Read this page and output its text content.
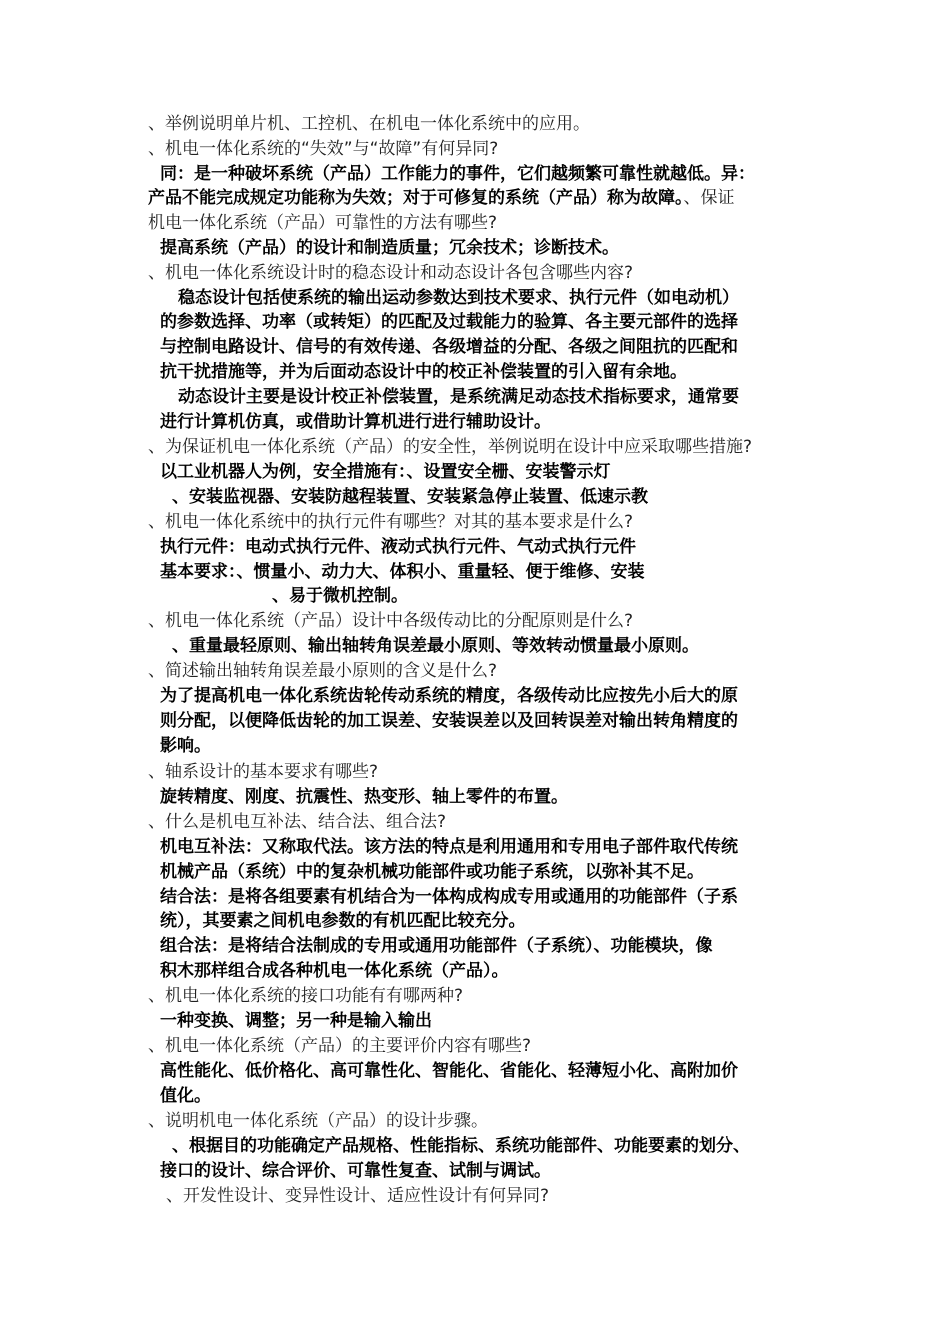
、举例说明单片机、工控机、在机电一体化系统中的应用。
、机电一体化系统的“失效”与“故障”有何异同?
同：是一种破坏系统（产品）工作能力的事件，它们越频繁可靠性就越低。异：
产品不能完成规定功能称为失效；对于可修复的系统（产品）称为故障。、保证
机电一体化系统（产品）可靠性的方法有哪些?
提高系统（产品）的设计和制造质量；冗余技术；诊断技术。
、机电一体化系统设计时的稳态设计和动态设计各包含哪些内容?
稳态设计包括使系统的输出运动参数达到技术要求、执行元件（如电动机）
的参数选择、功率（或转矩）的匹配及过载能力的验算、各主要元部件的选择
与控制电路设计、信号的有效传递、各级增益的分配、各级之间阻抗的匹配和
抗干扰措施等，并为后面动态设计中的校正补偿装置的引入留有余地。
动态设计主要是设计校正补偿装置，是系统满足动态技术指标要求，通常要
进行计算机仿真，或借助计算机进行进行辅助设计。
、为保证机电一体化系统（产品）的安全性，举例说明在设计中应采取哪些措施?
以工业机器人为例，安全措施有：、设置安全栅、安装警示灯
、安装监视器、安装防越程装置、安装紧急停止装置、低速示教
、机电一体化系统中的执行元件有哪些？对其的基本要求是什么?
执行元件：电动式执行元件、液动式执行元件、气动式执行元件
基本要求：、惯量小、动力大、体积小、重量轻、便于维修、安装
、易于微机控制。
、机电一体化系统（产品）设计中各级传动比的分配原则是什么?
、重量最轻原则、输出轴转角误差最小原则、等效转动惯量最小原则。
、简述输出轴转角误差最小原则的含义是什么?
为了提高机电一体化系统齿轮传动系统的精度，各级传动比应按先小后大的原
则分配，以便降低齿轮的加工误差、安装误差以及回转误差对输出转角精度的
影响。
、轴系设计的基本要求有哪些?
旋转精度、刚度、抗震性、热变形、轴上零件的布置。
、什么是机电互补法、结合法、组合法?
机电互补法：又称取代法。该方法的特点是利用通用和专用电子部件取代传统
机械产品（系统）中的复杂机械功能部件或功能子系统，以弥补其不足。
结合法：是将各组要素有机结合为一体构成构成专用或通用的功能部件（子系
统），其要素之间机电参数的有机匹配比较充分。
组合法：是将结合法制成的专用或通用功能部件（子系统）、功能模块，像
积木那样组合成各种机电一体化系统（产品）。
、机电一体化系统的接口功能有有哪两种?
一种变换、调整；另一种是输入输出
、机电一体化系统（产品）的主要评价内容有哪些?
高性能化、低价格化、高可靠性化、智能化、省能化、轻薄短小化、高附加价
值化。
、说明机电一体化系统（产品）的设计步骤。
、根据目的功能确定产品规格、性能指标、系统功能部件、功能要素的划分、
接口的设计、综合评价、可靠性复查、试制与调试。
、开发性设计、变异性设计、适应性设计有何异同?
